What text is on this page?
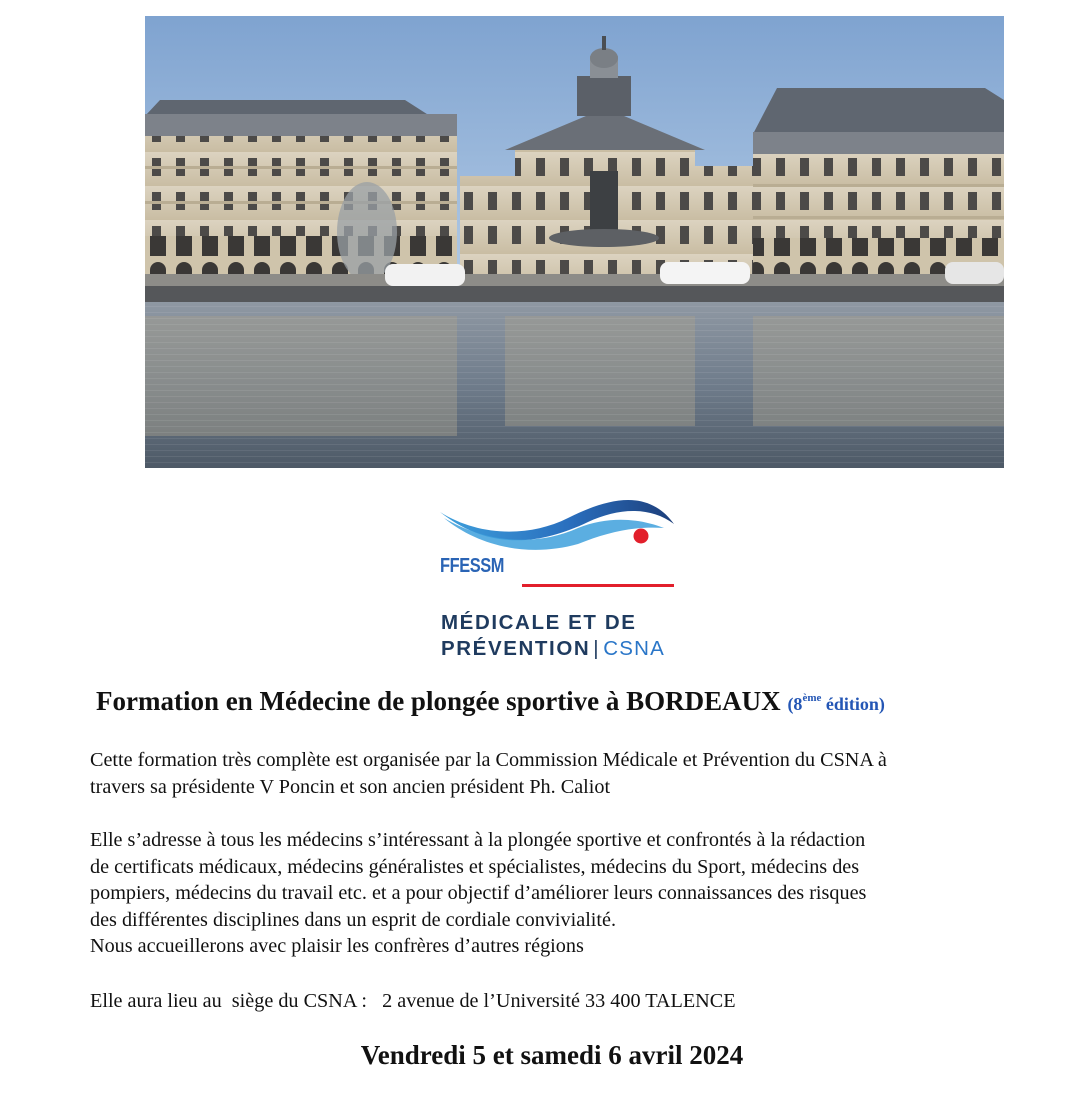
FFESSM
MÉDICALE ET DE
PRÉVENTION | CSNA
Formation en Médecine de plongée sportive à BORDEAUX (8ème édition)
Cette formation très complète est organisée par la Commission Médicale et Prévention du CSNA à
travers sa présidente V Poncin et son ancien président Ph. Caliot
Elle s’adresse à tous les médecins s’intéressant à la plongée sportive et confrontés à la rédaction
de certificats médicaux, médecins généralistes et spécialistes, médecins du Sport, médecins des
pompiers, médecins du travail etc. et a pour objectif d’améliorer leurs connaissances des risques
des différentes disciplines dans un esprit de cordiale convivialité.
Nous accueillerons avec plaisir les confrères d’autres régions
Elle aura lieu au  siège du CSNA :   2 avenue de l’Université 33 400 TALENCE
Vendredi 5 et samedi 6 avril 2024
